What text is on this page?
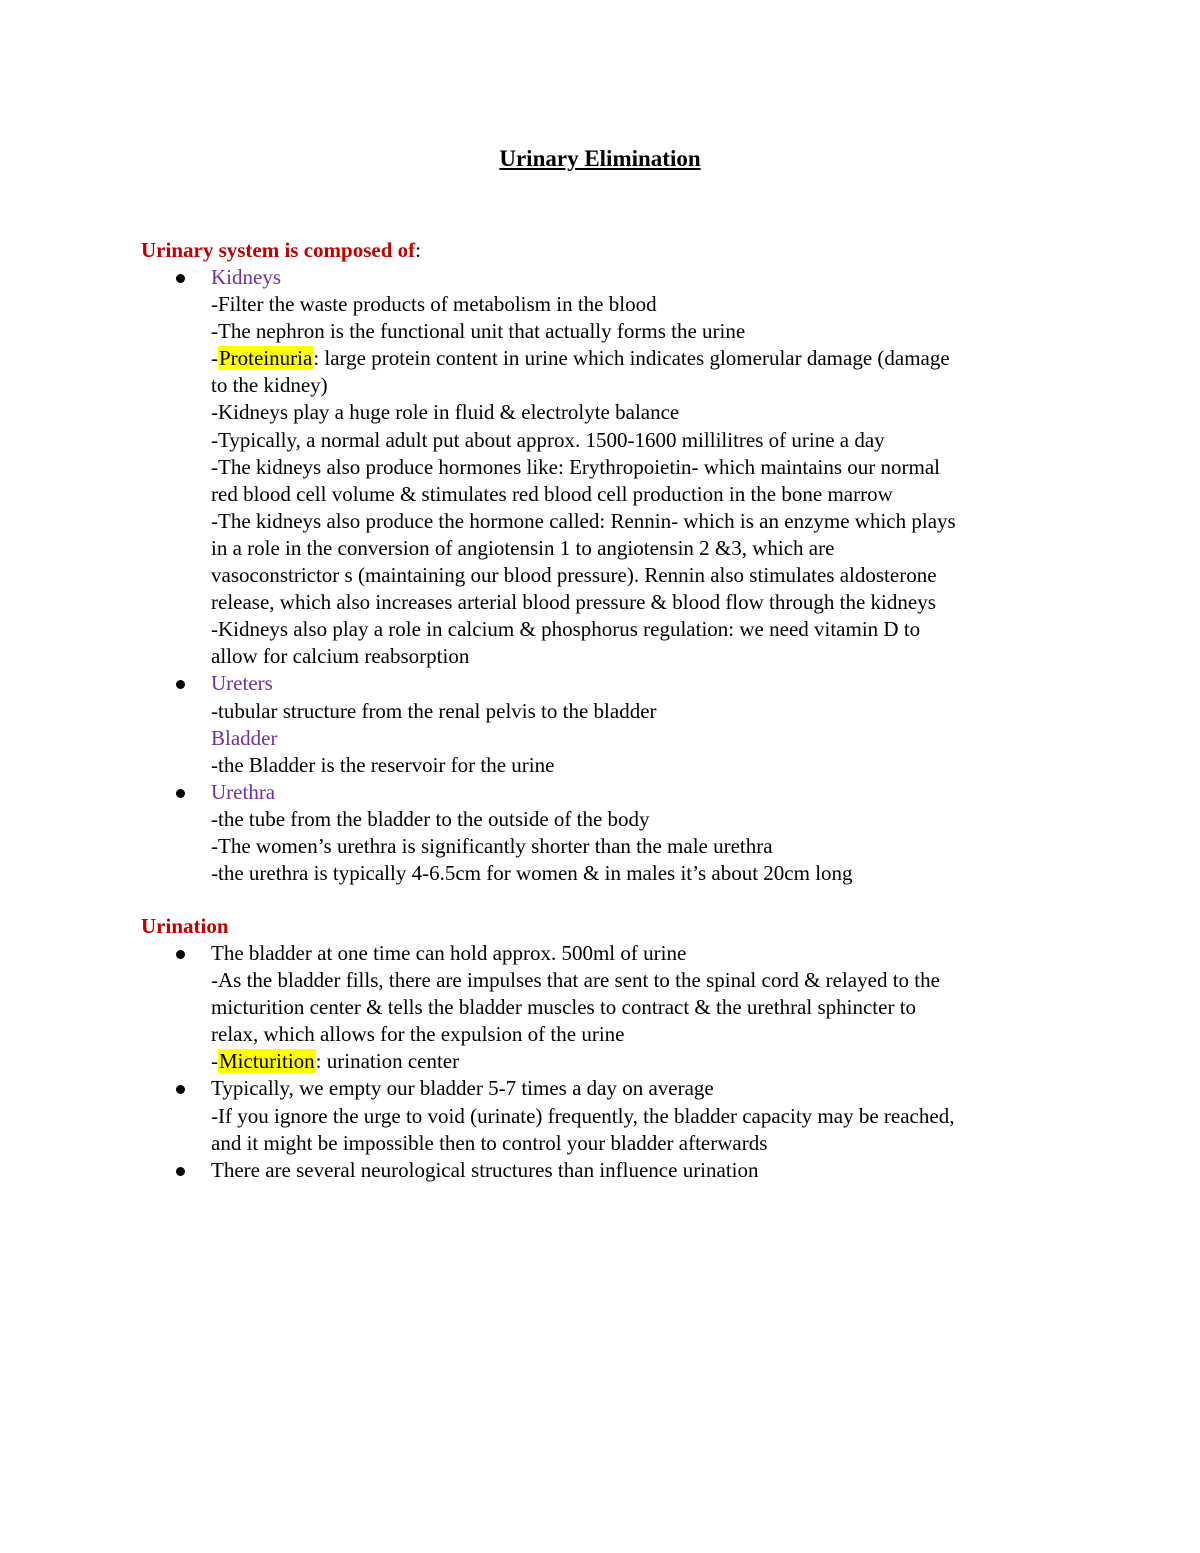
Urinary Elimination
Urinary system is composed of:
Kidneys
-Filter the waste products of metabolism in the blood
-The nephron is the functional unit that actually forms the urine
-Proteinuria: large protein content in urine which indicates glomerular damage (damage
to the kidney)
-Kidneys play a huge role in fluid & electrolyte balance
-Typically, a normal adult put about approx. 1500-1600 millilitres of urine a day
-The kidneys also produce hormones like: Erythropoietin- which maintains our normal
red blood cell volume & stimulates red blood cell production in the bone marrow
-The kidneys also produce the hormone called: Rennin- which is an enzyme which plays
in a role in the conversion of angiotensin 1 to angiotensin 2 &3, which are
vasoconstrictor s (maintaining our blood pressure). Rennin also stimulates aldosterone
release, which also increases arterial blood pressure & blood flow through the kidneys
-Kidneys also play a role in calcium & phosphorus regulation: we need vitamin D to
allow for calcium reabsorption
Ureters
-tubular structure from the renal pelvis to the bladder
Bladder
-the Bladder is the reservoir for the urine
Urethra
-the tube from the bladder to the outside of the body
-The women’s urethra is significantly shorter than the male urethra
-the urethra is typically 4-6.5cm for women & in males it’s about 20cm long
Urination
The bladder at one time can hold approx. 500ml of urine
-As the bladder fills, there are impulses that are sent to the spinal cord & relayed to the
micturition center & tells the bladder muscles to contract & the urethral sphincter to
relax, which allows for the expulsion of the urine
-Micturition: urination center
Typically, we empty our bladder 5-7 times a day on average
-If you ignore the urge to void (urinate) frequently, the bladder capacity may be reached,
and it might be impossible then to control your bladder afterwards
There are several neurological structures than influence urination
